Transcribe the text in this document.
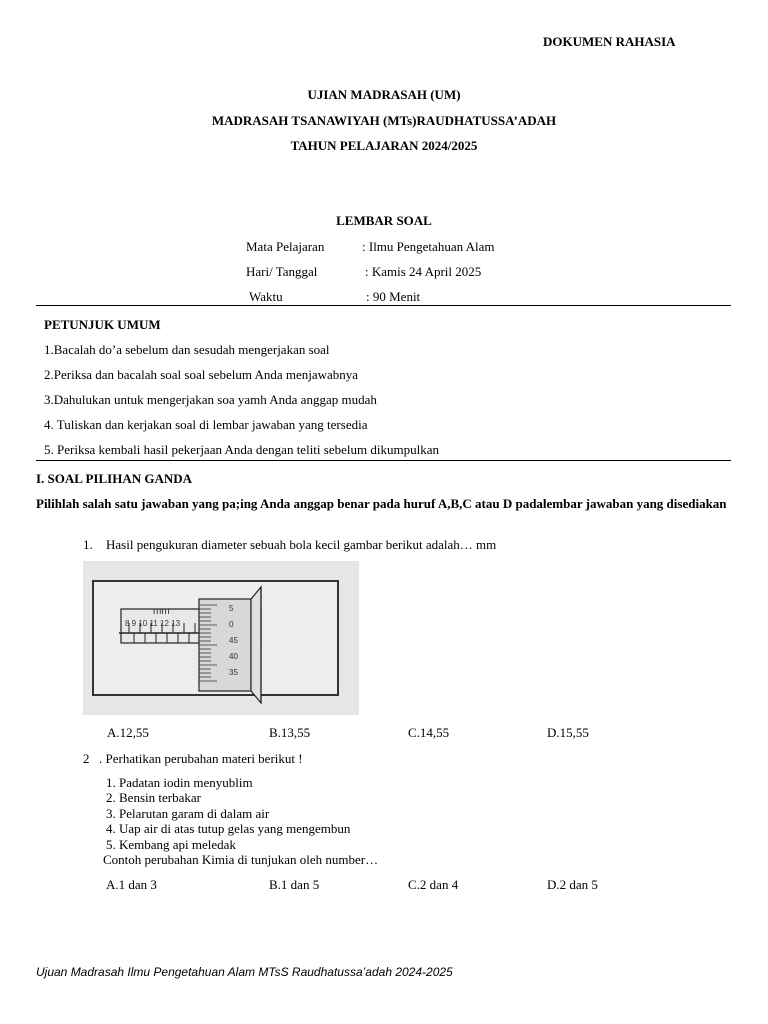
DOKUMEN RAHASIA
UJIAN MADRASAH (UM)
MADRASAH TSANAWIYAH (MTs)RAUDHATUSSA’ADAH
TAHUN PELAJARAN 2024/2025
LEMBAR SOAL
Mata Pelajaran	: Ilmu Pengetahuan Alam
Hari/ Tanggal	: Kamis 24 April 2025
Waktu	: 90 Menit
PETUNJUK UMUM
1.Bacalah do’a sebelum dan sesudah mengerjakan soal
2.Periksa dan bacalah soal soal sebelum Anda menjawabnya
3.Dahulukan untuk mengerjakan soa yamh Anda anggap mudah
4. Tuliskan dan kerjakan soal di lembar jawaban yang tersedia
5. Periksa kembali hasil pekerjaan Anda dengan teliti sebelum dikumpulkan
I. SOAL PILIHAN GANDA
Pilihlah salah satu jawaban yang pa;ing Anda anggap benar pada huruf A,B,C atau D padalembar jawaban yang disediakan
1. Hasil pengukuran diameter sebuah bola kecil gambar berikut adalah… mm
mm
8 9 10 11 12 13
5
0
45
40
35
A.12,55	B.13,55	C.14,55	D.15,55
2 . Perhatikan perubahan materi berikut !
1. Padatan iodin menyublim
2. Bensin terbakar
3. Pelarutan garam di dalam air
4. Uap air di atas tutup gelas yang mengembun
5. Kembang api meledak
Contoh perubahan Kimia di tunjukan oleh number…
A.1 dan 3	B.1 dan 5	C.2 dan 4	D.2 dan 5
Ujuan Madrasah Ilmu Pengetahuan Alam MTsS Raudhatussa’adah 2024-2025
